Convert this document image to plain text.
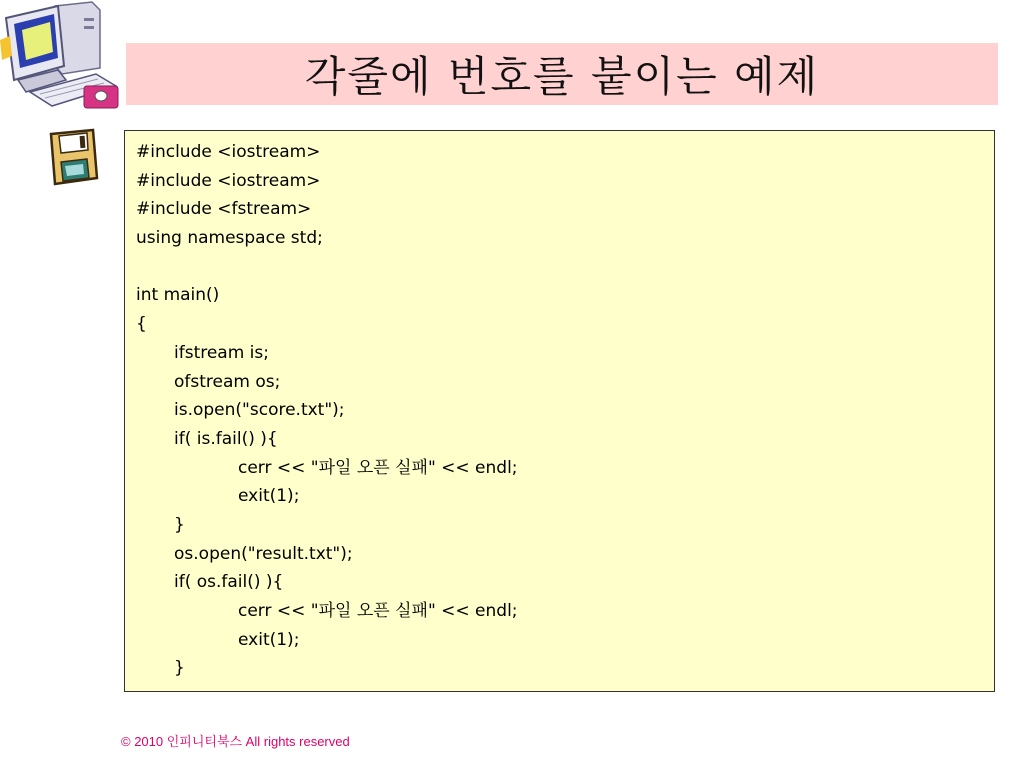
각줄에 번호를 붙이는 예제
#include <iostream>
#include <iostream>
#include <fstream>
using namespace std;
int main()
{
ifstream is;
ofstream os;
is.open("score.txt");
if( is.fail() ){
cerr << "파일 오픈 실패" << endl;
exit(1);
}
os.open("result.txt");
if( os.fail() ){
cerr << "파일 오픈 실패" << endl;
exit(1);
}
© 2010 인피니티북스 All rights reserved
